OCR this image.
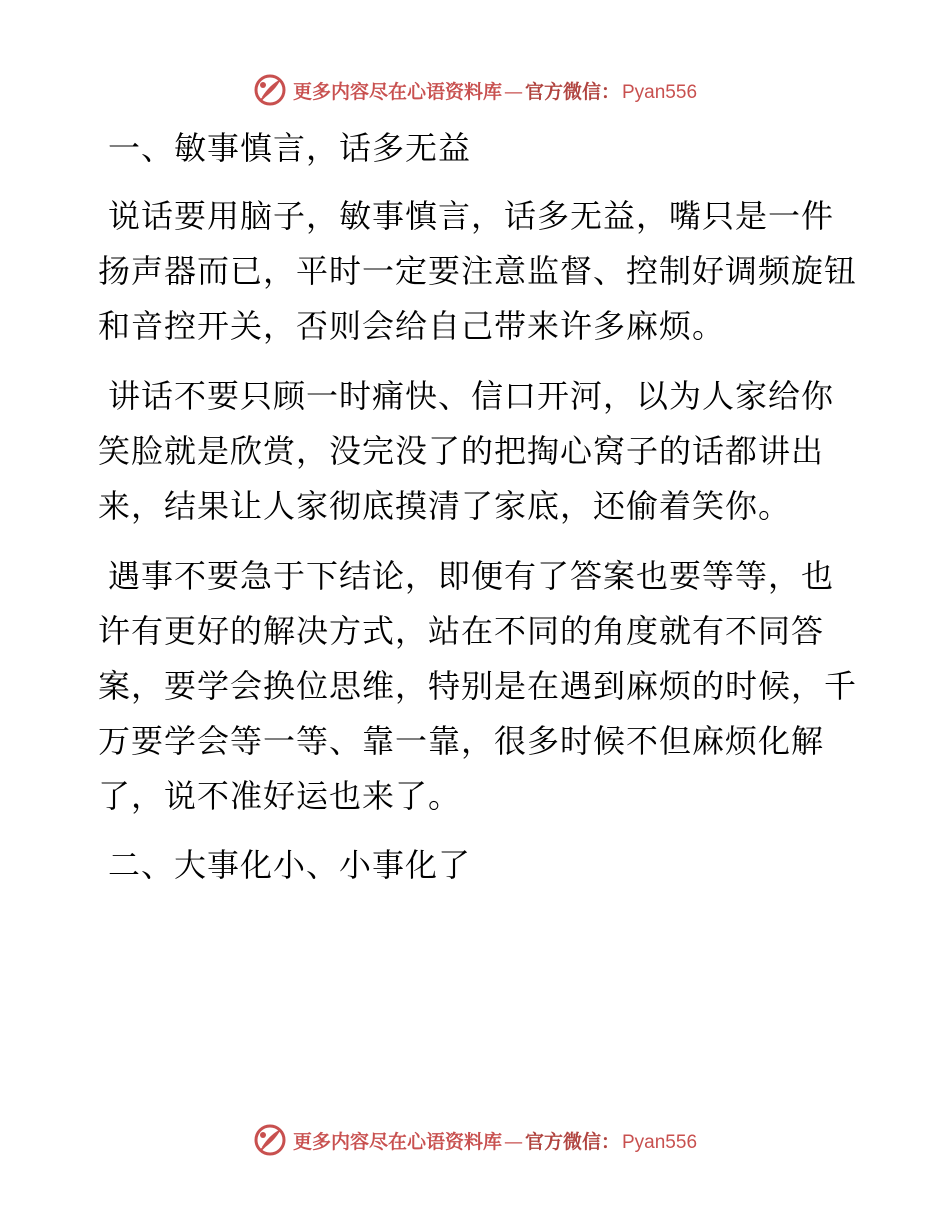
更多内容尽在心语资料库 — 官方微信： Pyan556
一、敏事慎言，话多无益

说话要用脑子，敏事慎言，话多无益，嘴只是一件扬声器而已，平时一定要注意监督、控制好调频旋钮和音控开关，否则会给自己带来许多麻烦。

讲话不要只顾一时痛快、信口开河，以为人家给你笑脸就是欣赏，没完没了的把掏心窝子的话都讲出来，结果让人家彻底摸清了家底，还偷着笑你。

遇事不要急于下结论，即便有了答案也要等等，也许有更好的解决方式，站在不同的角度就有不同答案，要学会换位思维，特别是在遇到麻烦的时候，千万要学会等一等、靠一靠，很多时候不但麻烦化解了，说不准好运也来了。

二、大事化小、小事化了
更多内容尽在心语资料库 — 官方微信： Pyan556
